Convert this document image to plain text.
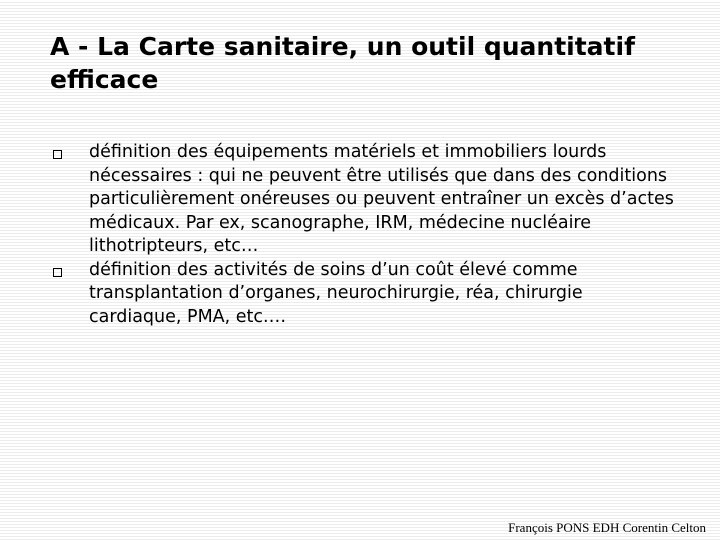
A - La Carte sanitaire, un outil quantitatif efficace
définition des équipements matériels et immobiliers lourds nécessaires : qui ne peuvent être utilisés que dans des conditions particulièrement onéreuses ou peuvent entraîner un excès d’actes médicaux. Par ex, scanographe, IRM, médecine nucléaire lithotripteurs, etc…
définition des activités de soins d’un coût élevé comme transplantation d’organes, neurochirurgie, réa, chirurgie cardiaque, PMA, etc.…
François PONS EDH Corentin Celton
